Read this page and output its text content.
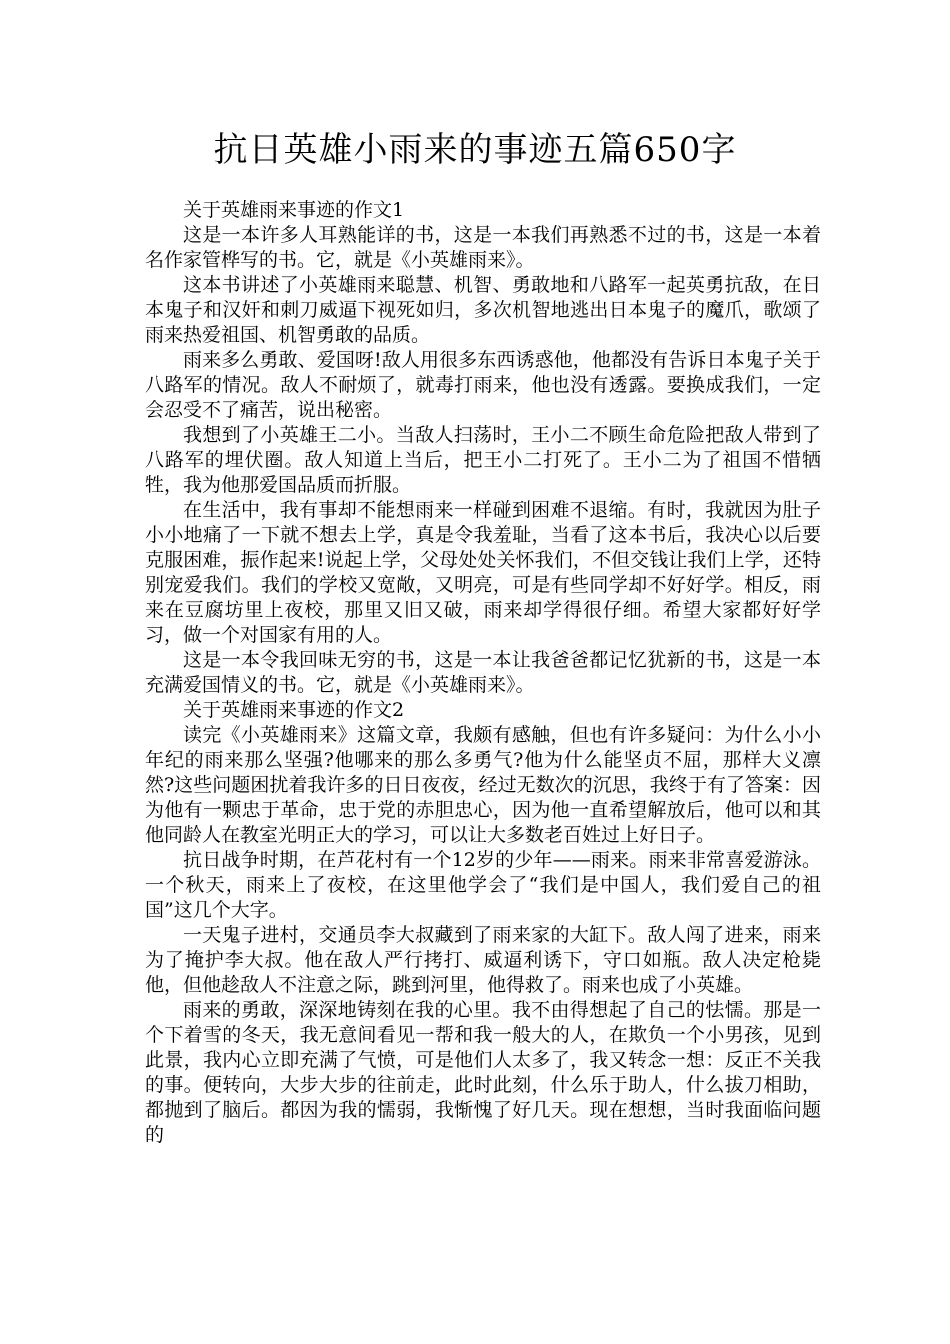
抗日英雄小雨来的事迹五篇650字

关于英雄雨来事迹的作文1

这是一本许多人耳熟能详的书，这是一本我们再熟悉不过的书，这是一本着名作家管桦写的书。它，就是《小英雄雨来》。

这本书讲述了小英雄雨来聪慧、机智、勇敢地和八路军一起英勇抗敌，在日本鬼子和汉奸和刺刀威逼下视死如归，多次机智地逃出日本鬼子的魔爪，歌颂了雨来热爱祖国、机智勇敢的品质。

雨来多么勇敢、爱国呀!敌人用很多东西诱惑他，他都没有告诉日本鬼子关于八路军的情况。敌人不耐烦了，就毒打雨来，他也没有透露。要换成我们，一定会忍受不了痛苦，说出秘密。

我想到了小英雄王二小。当敌人扫荡时，王小二不顾生命危险把敌人带到了八路军的埋伏圈。敌人知道上当后，把王小二打死了。王小二为了祖国不惜牺牲，我为他那爱国品质而折服。

在生活中，我有事却不能想雨来一样碰到困难不退缩。有时，我就因为肚子小小地痛了一下就不想去上学，真是令我羞耻，当看了这本书后，我决心以后要克服困难，振作起来!说起上学，父母处处关怀我们，不但交钱让我们上学，还特别宠爱我们。我们的学校又宽敞，又明亮，可是有些同学却不好好学。相反，雨来在豆腐坊里上夜校，那里又旧又破，雨来却学得很仔细。希望大家都好好学习，做一个对国家有用的人。

这是一本令我回味无穷的书，这是一本让我爸爸都记忆犹新的书，这是一本充满爱国情义的书。它，就是《小英雄雨来》。

关于英雄雨来事迹的作文2

读完《小英雄雨来》这篇文章，我颇有感触，但也有许多疑问：为什么小小年纪的雨来那么坚强?他哪来的那么多勇气?他为什么能坚贞不屈，那样大义凛然?这些问题困扰着我许多的日日夜夜，经过无数次的沉思，我终于有了答案：因为他有一颗忠于革命，忠于党的赤胆忠心，因为他一直希望解放后，他可以和其他同龄人在教室光明正大的学习，可以让大多数老百姓过上好日子。

抗日战争时期，在芦花村有一个12岁的少年——雨来。雨来非常喜爱游泳。一个秋天，雨来上了夜校，在这里他学会了“我们是中国人，我们爱自己的祖国”这几个大字。

一天鬼子进村，交通员李大叔藏到了雨来家的大缸下。敌人闯了进来，雨来为了掩护李大叔。他在敌人严行拷打、威逼利诱下，守口如瓶。敌人决定枪毙他，但他趁敌人不注意之际，跳到河里，他得救了。雨来也成了小英雄。

雨来的勇敢，深深地铸刻在我的心里。我不由得想起了自己的怯懦。那是一个下着雪的冬天，我无意间看见一帮和我一般大的人，在欺负一个小男孩，见到此景，我内心立即充满了气愤，可是他们人太多了，我又转念一想：反正不关我的事。便转向，大步大步的往前走，此时此刻，什么乐于助人，什么拔刀相助，都抛到了脑后。都因为我的懦弱，我惭愧了好几天。现在想想，当时我面临问题的
